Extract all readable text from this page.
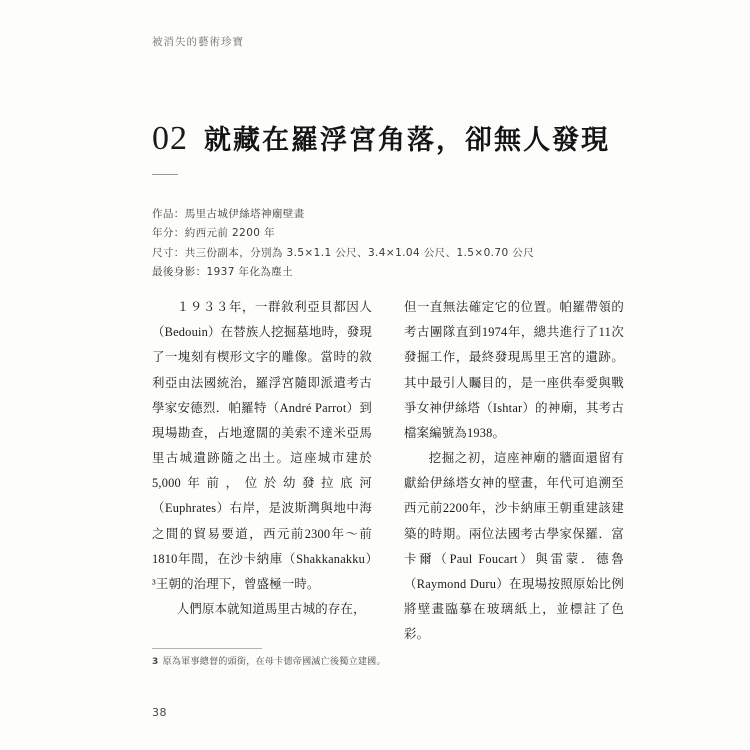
被消失的藝術珍寶
02 就藏在羅浮宮角落，卻無人發現
作品：馬里古城伊絲塔神廟壁畫
年分：約西元前 2200 年
尺寸：共三份副本，分別為 3.5×1.1 公尺、3.4×1.04 公尺、1.5×0.70 公尺
最後身影：1937 年化為塵土

１９３３年，一群敘利亞貝都因人（Bedouin）在替族人挖掘墓地時，發現了一塊刻有楔形文字的雕像。當時的敘利亞由法國統治，羅浮宮隨即派遣考古學家安德烈．帕羅特（André Parrot）到現場勘查，占地遼闊的美索不達米亞馬里古城遺跡隨之出土。這座城市建於5,000年前，位於幼發拉底河（Euphrates）右岸，是波斯灣與地中海之間的貿易要道，西元前2300年～前1810年間，在沙卡納庫（Shakkanakku）³王朝的治理下，曾盛極一時。

人們原本就知道馬里古城的存在，

但一直無法確定它的位置。帕羅帶領的考古團隊直到1974年，總共進行了11次發掘工作，最終發現馬里王宮的遺跡。其中最引人矚目的，是一座供奉愛與戰爭女神伊絲塔（Ishtar）的神廟，其考古檔案編號為1938。

挖掘之初，這座神廟的牆面還留有獻給伊絲塔女神的壁畫，年代可追溯至西元前2200年，沙卡納庫王朝重建該建築的時期。兩位法國考古學家保羅．富卡爾（Paul Foucart）與雷蒙．德魯（Raymond Duru）在現場按照原始比例將壁畫臨摹在玻璃紙上，並標註了色彩。

3 原為軍事總督的頭銜，在母卡德帝國滅亡後獨立建國。
38
